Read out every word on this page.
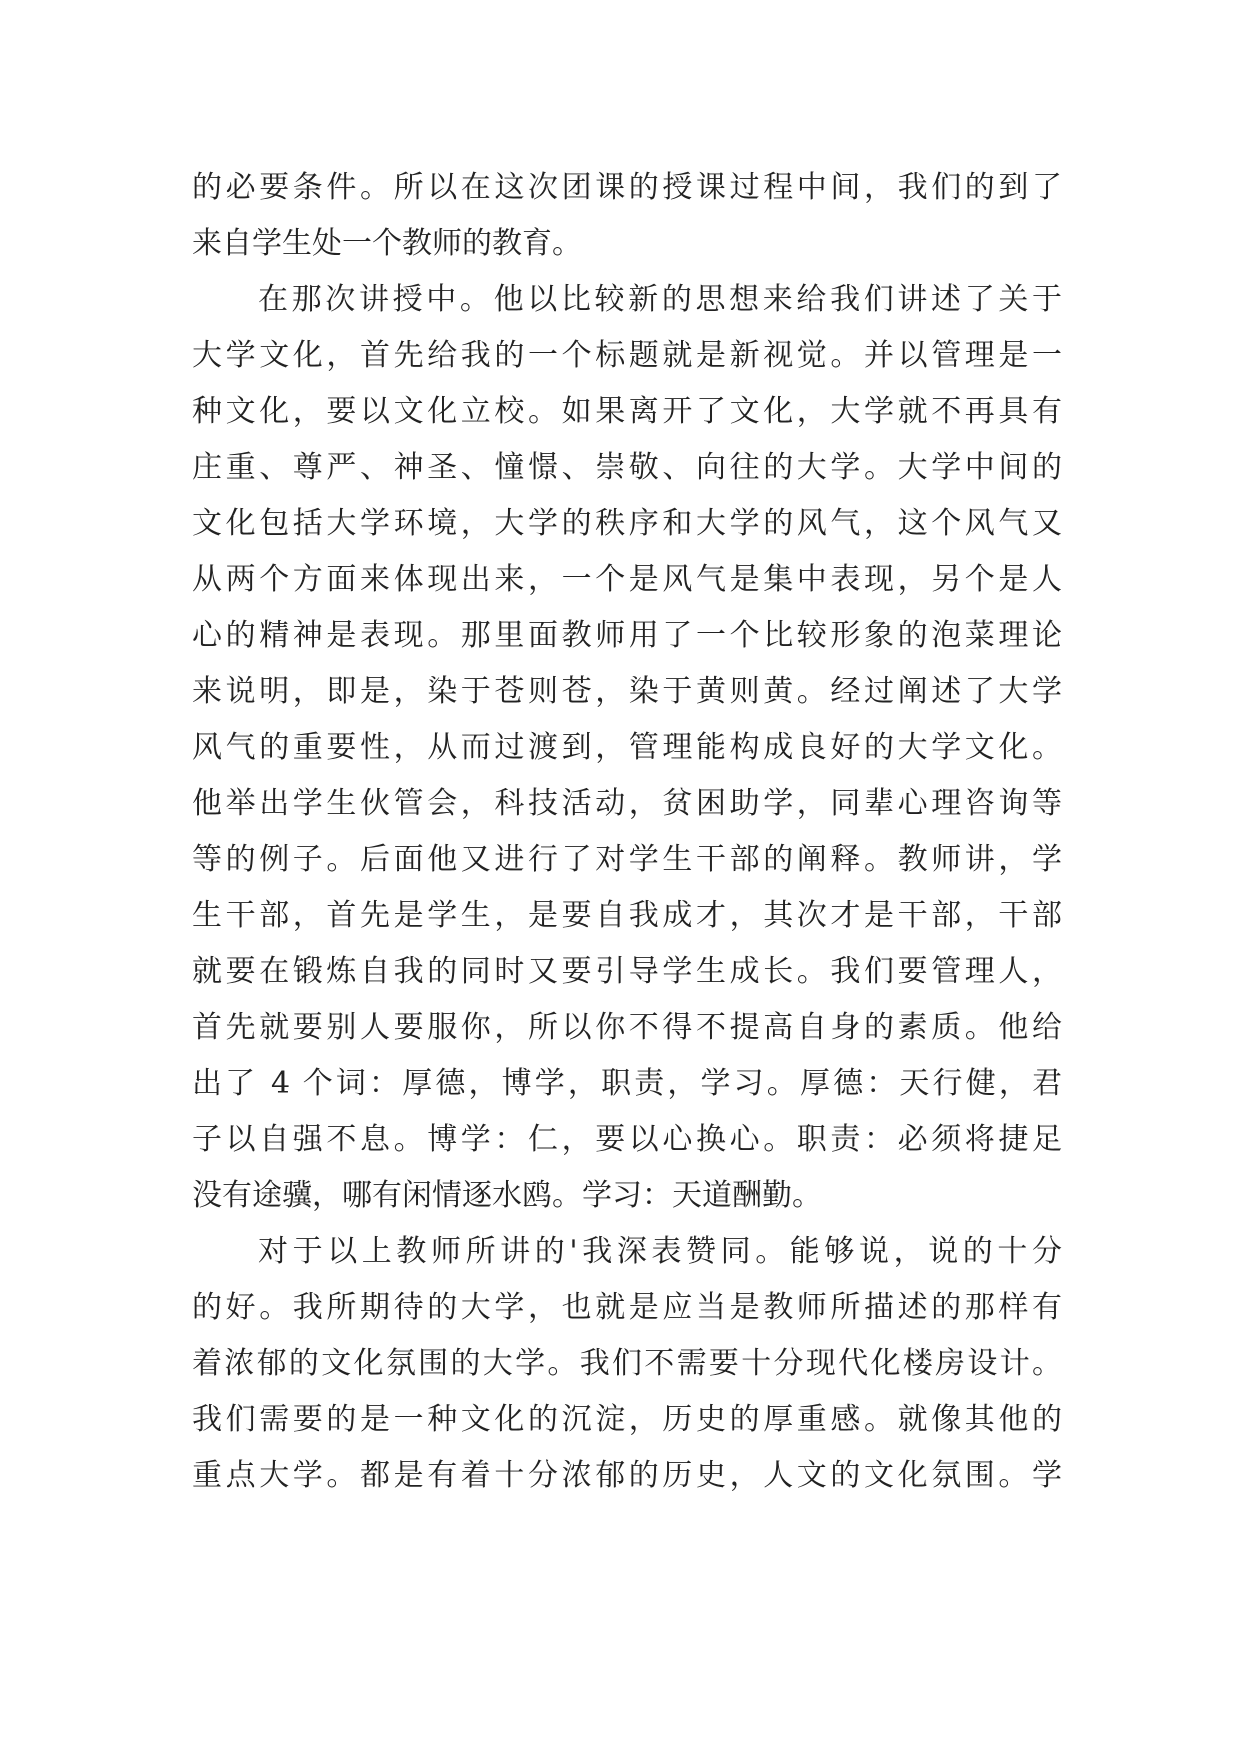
的必要条件。所以在这次团课的授课过程中间，我们的到了
来自学生处一个教师的教育。
在那次讲授中。他以比较新的思想来给我们讲述了关于
大学文化，首先给我的一个标题就是新视觉。并以管理是一
种文化，要以文化立校。如果离开了文化，大学就不再具有
庄重、尊严、神圣、憧憬、崇敬、向往的大学。大学中间的
文化包括大学环境，大学的秩序和大学的风气，这个风气又
从两个方面来体现出来，一个是风气是集中表现，另个是人
心的精神是表现。那里面教师用了一个比较形象的泡菜理论
来说明，即是，染于苍则苍，染于黄则黄。经过阐述了大学
风气的重要性，从而过渡到，管理能构成良好的大学文化。
他举出学生伙管会，科技活动，贫困助学，同辈心理咨询等
等的例子。后面他又进行了对学生干部的阐释。教师讲，学
生干部，首先是学生，是要自我成才，其次才是干部，干部
就要在锻炼自我的同时又要引导学生成长。我们要管理人，
首先就要别人要服你，所以你不得不提高自身的素质。他给
出了 4 个词：厚德，博学，职责，学习。厚德：天行健，君
子以自强不息。博学：仁，要以心换心。职责：必须将捷足
没有途骥，哪有闲情逐水鸥。学习：天道酬勤。
对于以上教师所讲的'我深表赞同。能够说，说的十分
的好。我所期待的大学，也就是应当是教师所描述的那样有
着浓郁的文化氛围的大学。我们不需要十分现代化楼房设计。
我们需要的是一种文化的沉淀，历史的厚重感。就像其他的
重点大学。都是有着十分浓郁的历史，人文的文化氛围。学
